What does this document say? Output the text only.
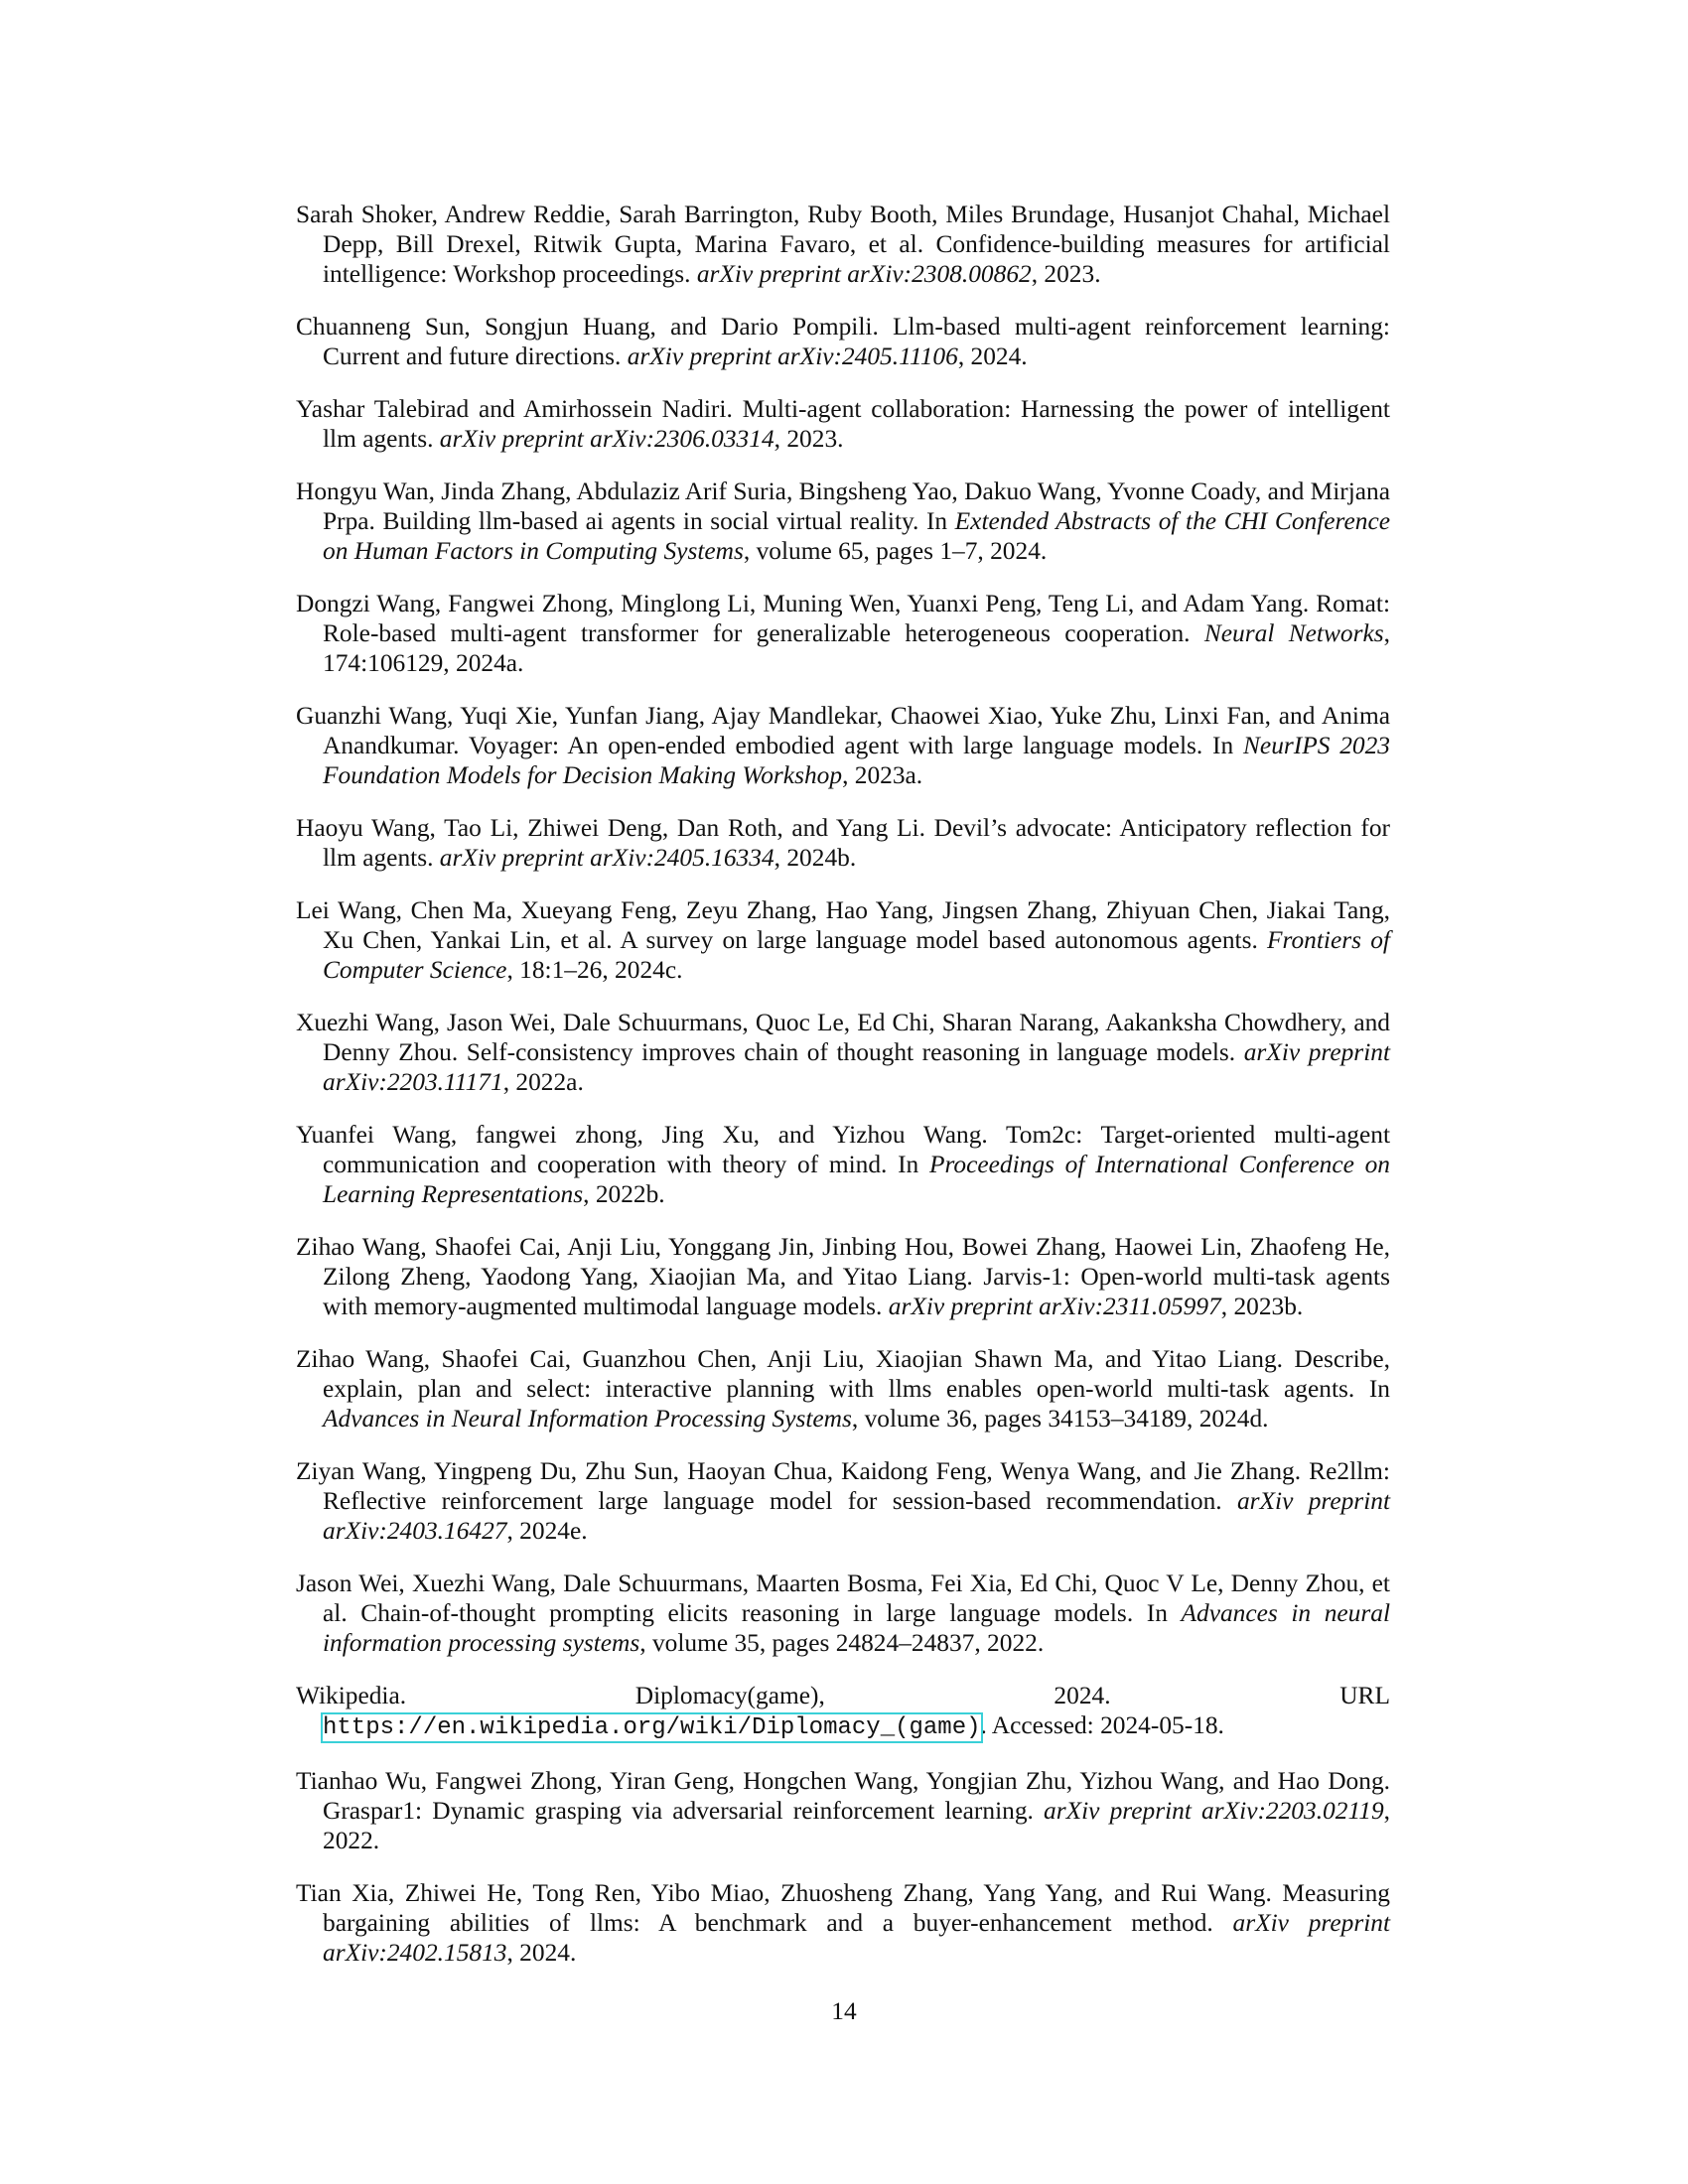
Sarah Shoker, Andrew Reddie, Sarah Barrington, Ruby Booth, Miles Brundage, Husanjot Chahal, Michael Depp, Bill Drexel, Ritwik Gupta, Marina Favaro, et al. Confidence-building measures for artificial intelligence: Workshop proceedings. arXiv preprint arXiv:2308.00862, 2023.
Chuanneng Sun, Songjun Huang, and Dario Pompili. Llm-based multi-agent reinforcement learning: Current and future directions. arXiv preprint arXiv:2405.11106, 2024.
Yashar Talebirad and Amirhossein Nadiri. Multi-agent collaboration: Harnessing the power of intelligent llm agents. arXiv preprint arXiv:2306.03314, 2023.
Hongyu Wan, Jinda Zhang, Abdulaziz Arif Suria, Bingsheng Yao, Dakuo Wang, Yvonne Coady, and Mirjana Prpa. Building llm-based ai agents in social virtual reality. In Extended Abstracts of the CHI Conference on Human Factors in Computing Systems, volume 65, pages 1–7, 2024.
Dongzi Wang, Fangwei Zhong, Minglong Li, Muning Wen, Yuanxi Peng, Teng Li, and Adam Yang. Romat: Role-based multi-agent transformer for generalizable heterogeneous cooperation. Neural Networks, 174:106129, 2024a.
Guanzhi Wang, Yuqi Xie, Yunfan Jiang, Ajay Mandlekar, Chaowei Xiao, Yuke Zhu, Linxi Fan, and Anima Anandkumar. Voyager: An open-ended embodied agent with large language models. In NeurIPS 2023 Foundation Models for Decision Making Workshop, 2023a.
Haoyu Wang, Tao Li, Zhiwei Deng, Dan Roth, and Yang Li. Devil’s advocate: Anticipatory reflection for llm agents. arXiv preprint arXiv:2405.16334, 2024b.
Lei Wang, Chen Ma, Xueyang Feng, Zeyu Zhang, Hao Yang, Jingsen Zhang, Zhiyuan Chen, Jiakai Tang, Xu Chen, Yankai Lin, et al. A survey on large language model based autonomous agents. Frontiers of Computer Science, 18:1–26, 2024c.
Xuezhi Wang, Jason Wei, Dale Schuurmans, Quoc Le, Ed Chi, Sharan Narang, Aakanksha Chowdhery, and Denny Zhou. Self-consistency improves chain of thought reasoning in language models. arXiv preprint arXiv:2203.11171, 2022a.
Yuanfei Wang, fangwei zhong, Jing Xu, and Yizhou Wang. Tom2c: Target-oriented multi-agent communication and cooperation with theory of mind. In Proceedings of International Conference on Learning Representations, 2022b.
Zihao Wang, Shaofei Cai, Anji Liu, Yonggang Jin, Jinbing Hou, Bowei Zhang, Haowei Lin, Zhaofeng He, Zilong Zheng, Yaodong Yang, Xiaojian Ma, and Yitao Liang. Jarvis-1: Open-world multi-task agents with memory-augmented multimodal language models. arXiv preprint arXiv:2311.05997, 2023b.
Zihao Wang, Shaofei Cai, Guanzhou Chen, Anji Liu, Xiaojian Shawn Ma, and Yitao Liang. Describe, explain, plan and select: interactive planning with llms enables open-world multi-task agents. In Advances in Neural Information Processing Systems, volume 36, pages 34153–34189, 2024d.
Ziyan Wang, Yingpeng Du, Zhu Sun, Haoyan Chua, Kaidong Feng, Wenya Wang, and Jie Zhang. Re2llm: Reflective reinforcement large language model for session-based recommendation. arXiv preprint arXiv:2403.16427, 2024e.
Jason Wei, Xuezhi Wang, Dale Schuurmans, Maarten Bosma, Fei Xia, Ed Chi, Quoc V Le, Denny Zhou, et al. Chain-of-thought prompting elicits reasoning in large language models. In Advances in neural information processing systems, volume 35, pages 24824–24837, 2022.
Wikipedia. Diplomacy(game), 2024. URL https://en.wikipedia.org/wiki/Diplomacy_(game). Accessed: 2024-05-18.
Tianhao Wu, Fangwei Zhong, Yiran Geng, Hongchen Wang, Yongjian Zhu, Yizhou Wang, and Hao Dong. Graspar1: Dynamic grasping via adversarial reinforcement learning. arXiv preprint arXiv:2203.02119, 2022.
Tian Xia, Zhiwei He, Tong Ren, Yibo Miao, Zhuosheng Zhang, Yang Yang, and Rui Wang. Measuring bargaining abilities of llms: A benchmark and a buyer-enhancement method. arXiv preprint arXiv:2402.15813, 2024.
14
